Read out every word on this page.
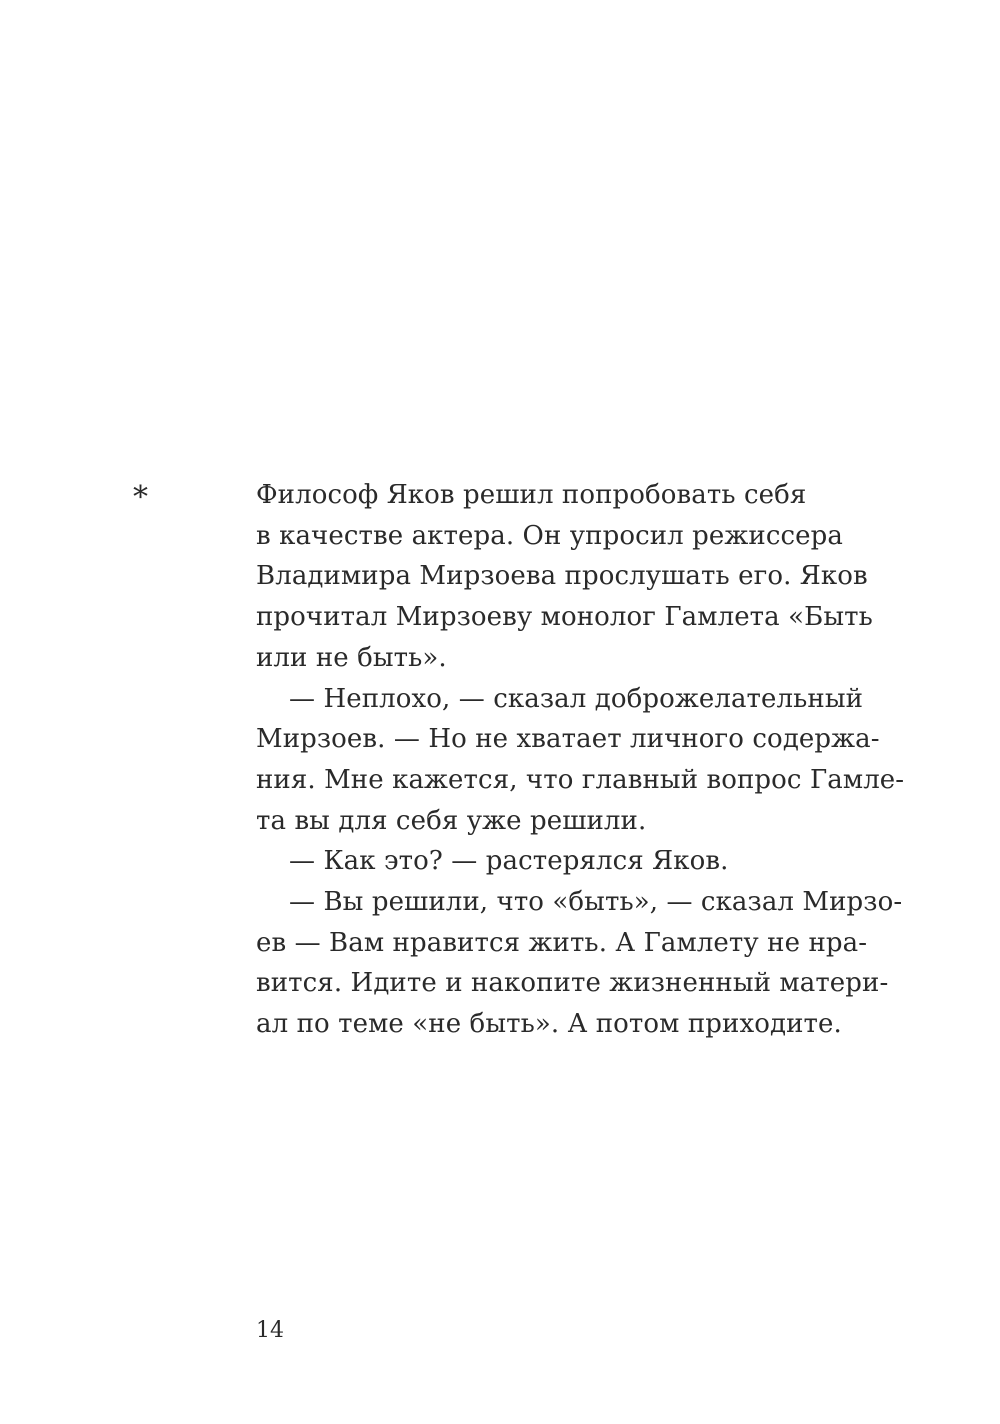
*	Философ Яков решил попробовать себя
в качестве актера. Он упросил режиссера
Владимира Мирзоева прослушать его. Яков
прочитал Мирзоеву монолог Гамлета «Быть
или не быть».
— Неплохо, — сказал доброжелательный
Мирзоев. — Но не хватает личного содержа-
ния. Мне кажется, что главный вопрос Гамле-
та вы для себя уже решили.
— Как это? — растерялся Яков.
— Вы решили, что «быть», — сказал Мирзо-
ев — Вам нравится жить. А Гамлету не нра-
вится. Идите и накопите жизненный матери-
ал по теме «не быть». А потом приходите.
14
